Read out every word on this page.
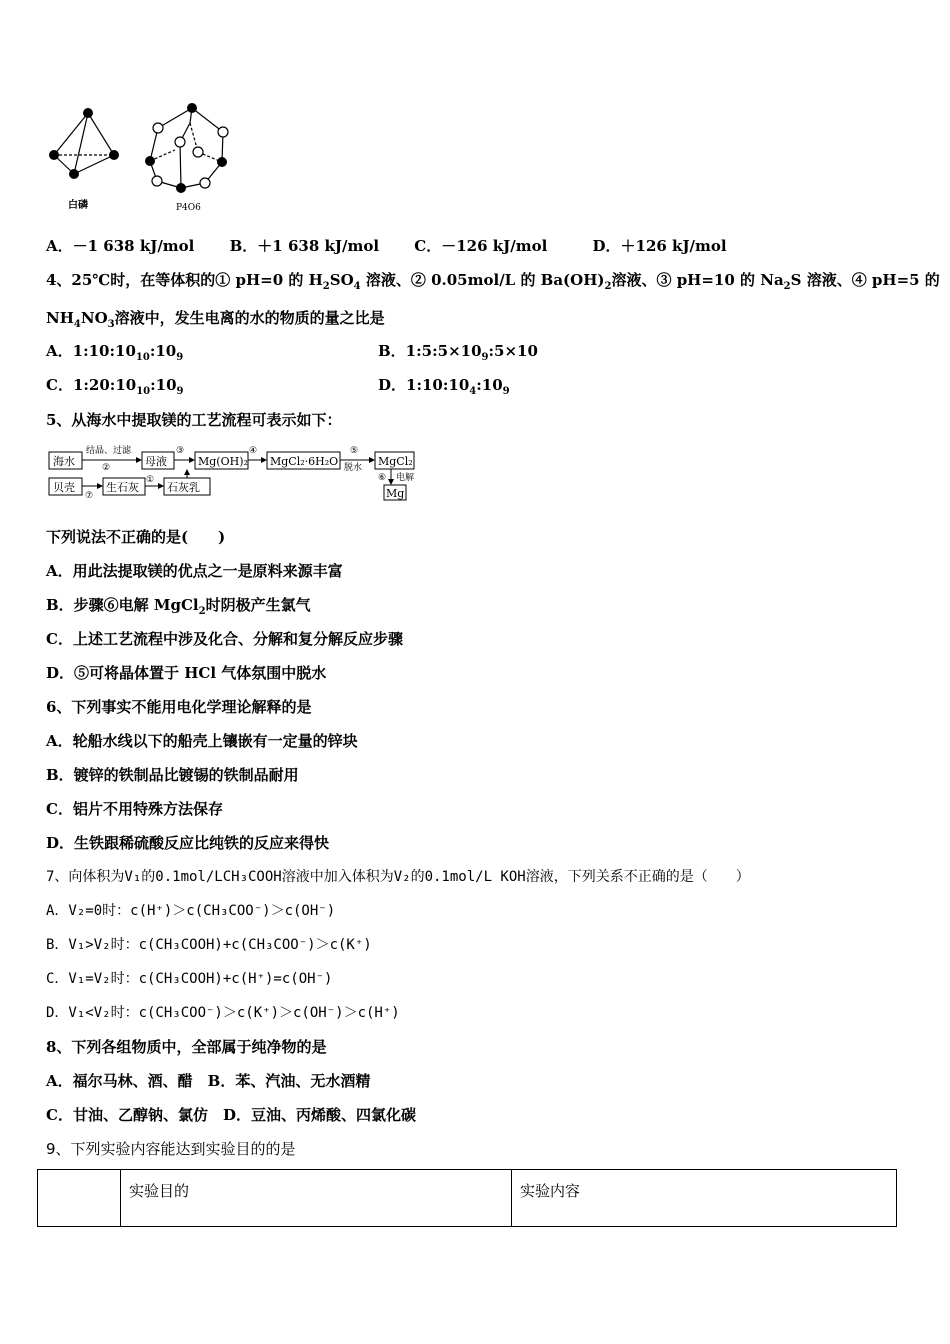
白磷	P4O6
A．－1 638 kJ/mol B．＋1 638 kJ/mol C．－126 kJ/mol	D．＋126 kJ/mol
4、25℃时，在等体积的① pH=0 的 $H_2SO_4$ 溶液、② 0.05mol/L 的 $Ba(OH)_2$溶液、③ pH=10 的 $Na_2S$ 溶液、④ pH=5 的
$NH_4NO_3$溶液中，发生电离的水的物质的量之比是
A．$1:10:10_{10}:10_9$	B．$1:5:5\times 10_9:5\times 10$
C．$1:20:10_{10}:10_9$	D．$1:10:10_4:10_9$
5、从海水中提取镁的工艺流程可表示如下：
海水
结晶、过滤
②	母液
③
Mg(OH)₂
④
MgCl₂·6H₂O
⑤
脱水 MgCl₂
⑥ 电解
Mg
贝壳
⑦
生石灰
①
石灰乳
下列说法不正确的是(　　)
A．用此法提取镁的优点之一是原料来源丰富
B．步骤⑥电解 MgCl$_2$时阴极产生氯气
C．上述工艺流程中涉及化合、分解和复分解反应步骤
D．⑤可将晶体置于 HCl 气体氛围中脱水
6、下列事实不能用电化学理论解释的是
A．轮船水线以下的船壳上镶嵌有一定量的锌块
B．镀锌的铁制品比镀锡的铁制品耐用
C．铝片不用特殊方法保存
D．生铁跟稀硫酸反应比纯铁的反应来得快
7、向体积为V₁的0.1mol/LCH₃COOH溶液中加入体积为V₂的0.1mol/L KOH溶液，下列关系不正确的是（　　）
A．V₂=0时：c(H⁺)＞c(CH₃COO⁻)＞c(OH⁻)
B．V₁>V₂时：c(CH₃COOH)+c(CH₃COO⁻)＞c(K⁺)
C．V₁=V₂时：c(CH₃COOH)+c(H⁺)=c(OH⁻)
D．V₁<V₂时：c(CH₃COO⁻)＞c(K⁺)＞c(OH⁻)＞c(H⁺)
8、下列各组物质中，全部属于纯净物的是
A．福尔马林、酒、醋　B．苯、汽油、无水酒精
C．甘油、乙醇钠、氯仿　D．豆油、丙烯酸、四氯化碳
9、下列实验内容能达到实验目的的是
	实验目的	实验内容
